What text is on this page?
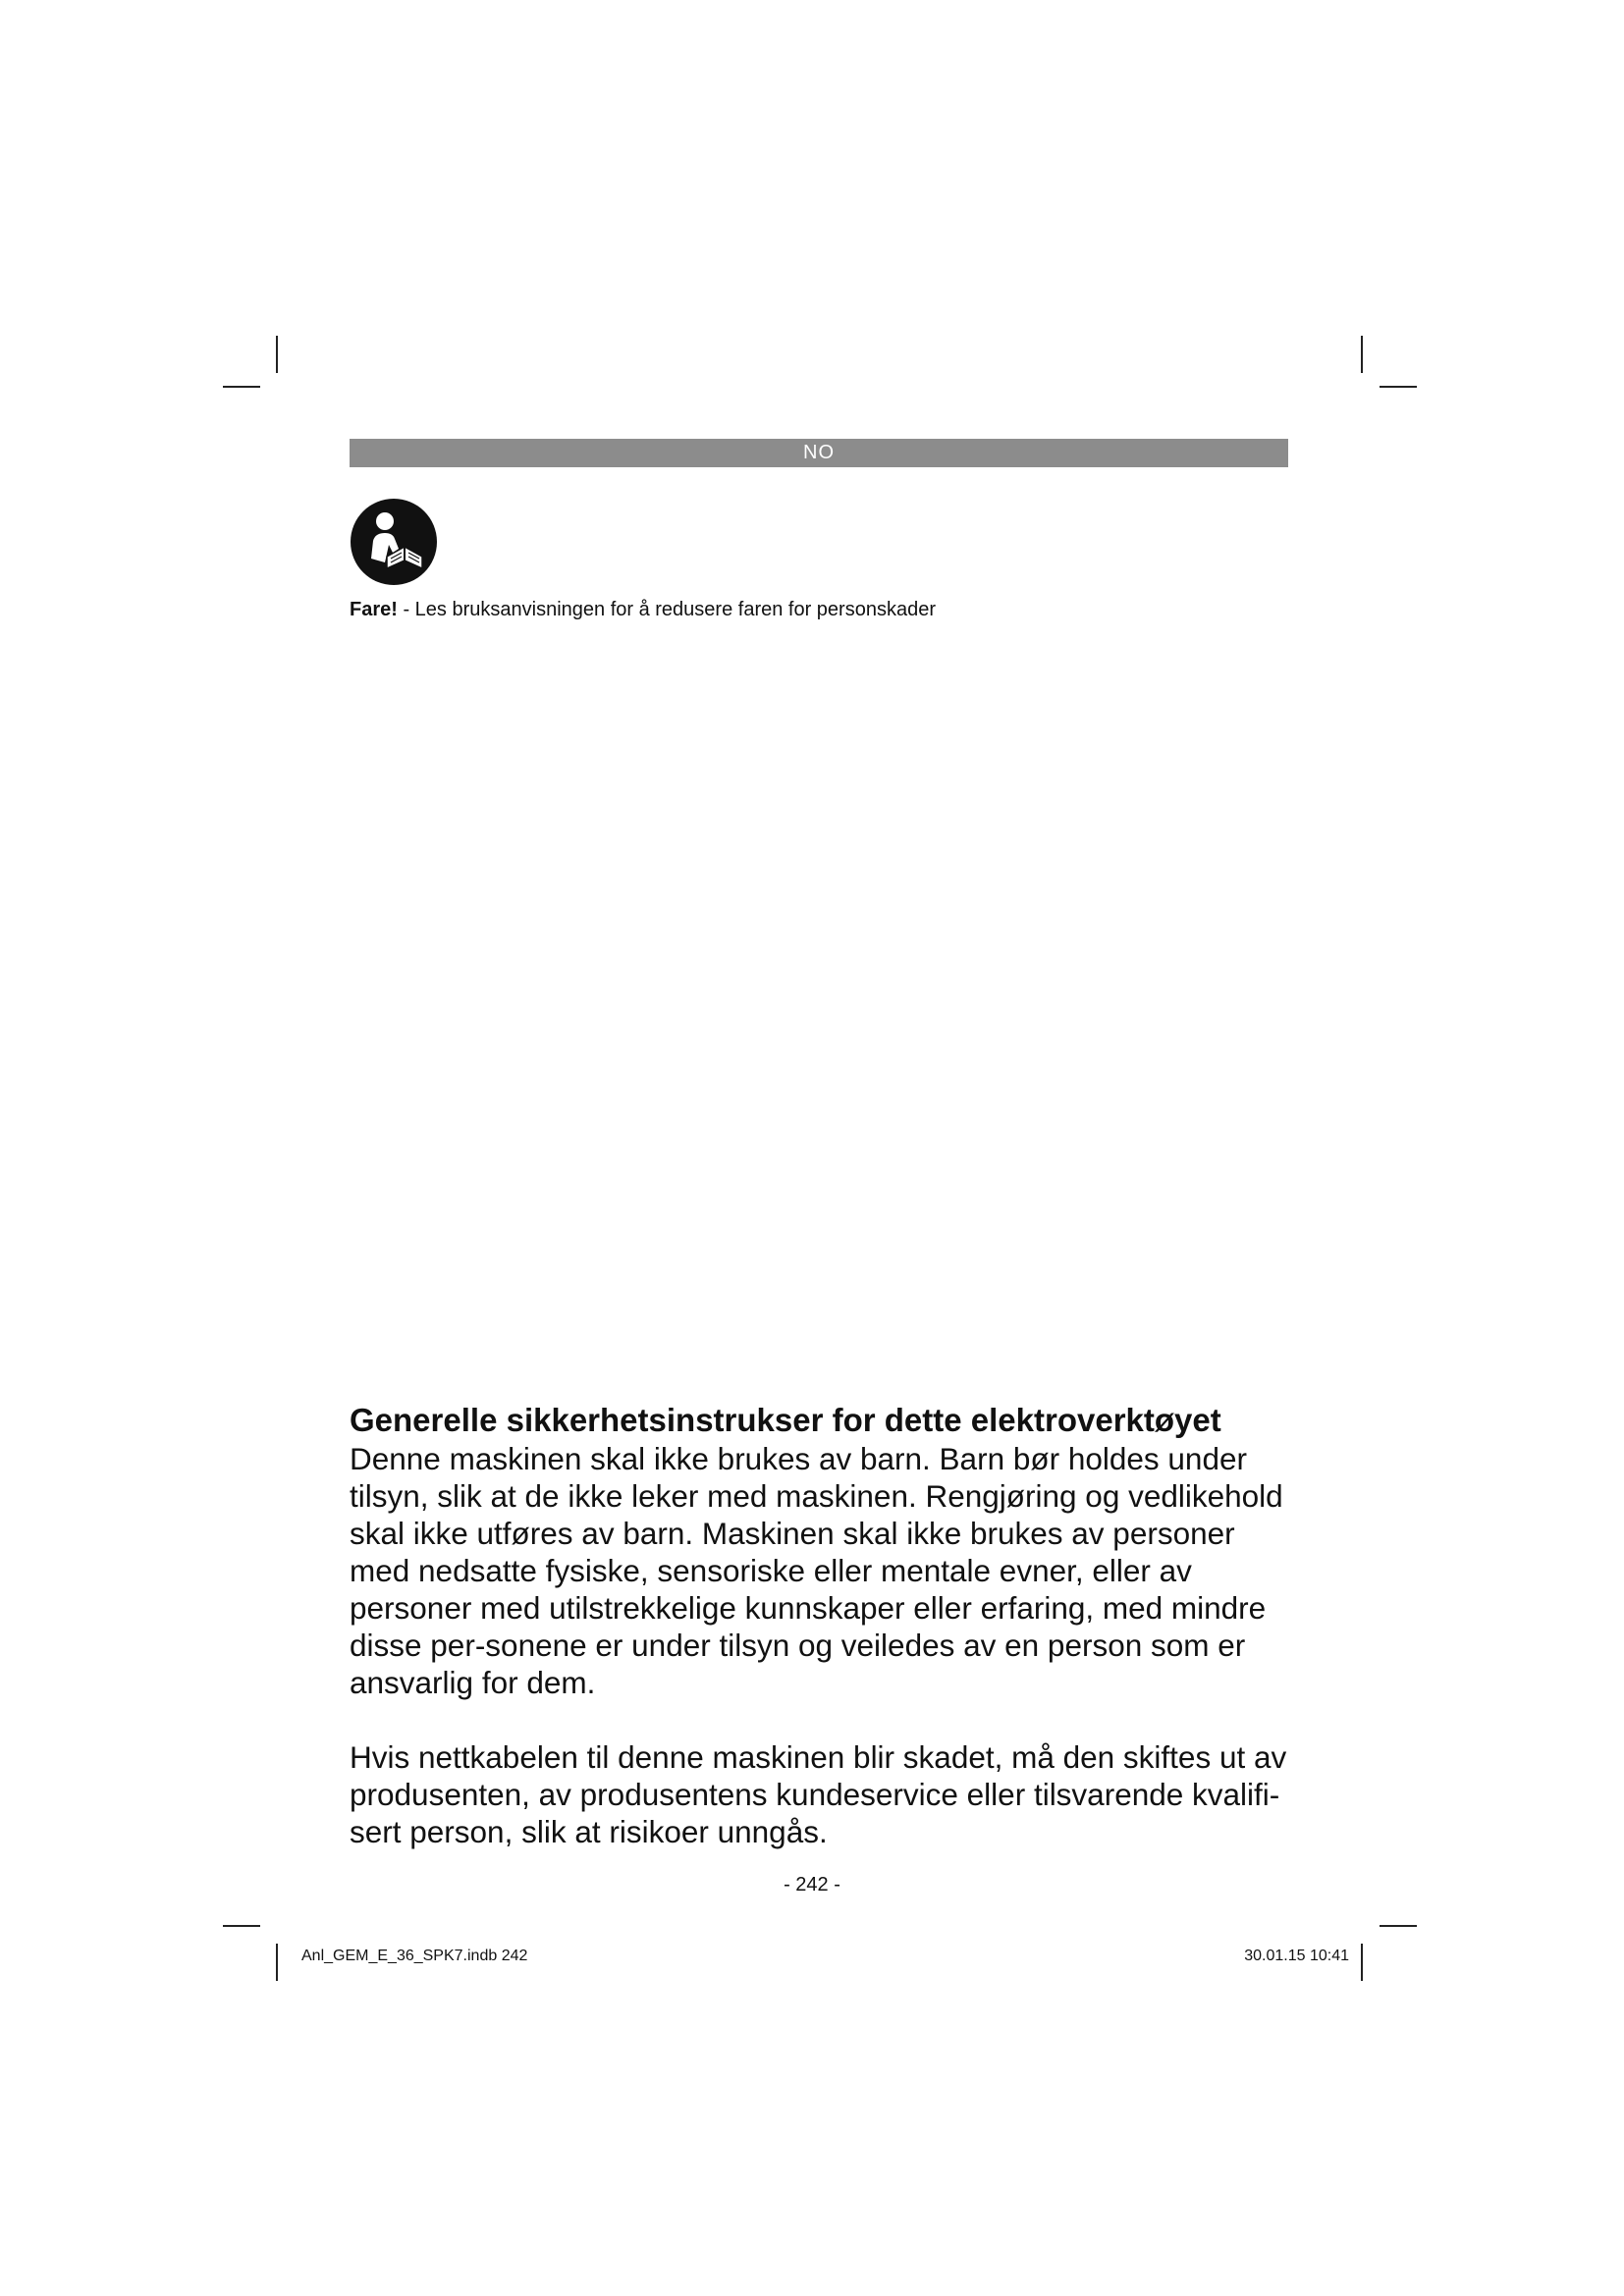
NO
Fare! - Les bruksanvisningen for å redusere faren for personskader
Generelle sikkerhetsinstrukser for dette elektroverktøyet

Denne maskinen skal ikke brukes av barn. Barn bør holdes under tilsyn, slik at de ikke leker med maskinen. Rengjøring og vedlikehold skal ikke utføres av barn. Maskinen skal ikke brukes av personer med nedsatte fysiske, sensoriske eller mentale evner, eller av personer med utilstrekkelige kunnskaper eller erfaring, med mindre disse per-sonene er under tilsyn og veiledes av en person som er ansvarlig for dem.

Hvis nettkabelen til denne maskinen blir skadet, må den skiftes ut av produsenten, av produsentens kundeservice eller tilsvarende kvalifi-sert person, slik at risikoer unngås.

- 242 -
Anl_GEM_E_36_SPK7.indb 242	30.01.15 10:41
